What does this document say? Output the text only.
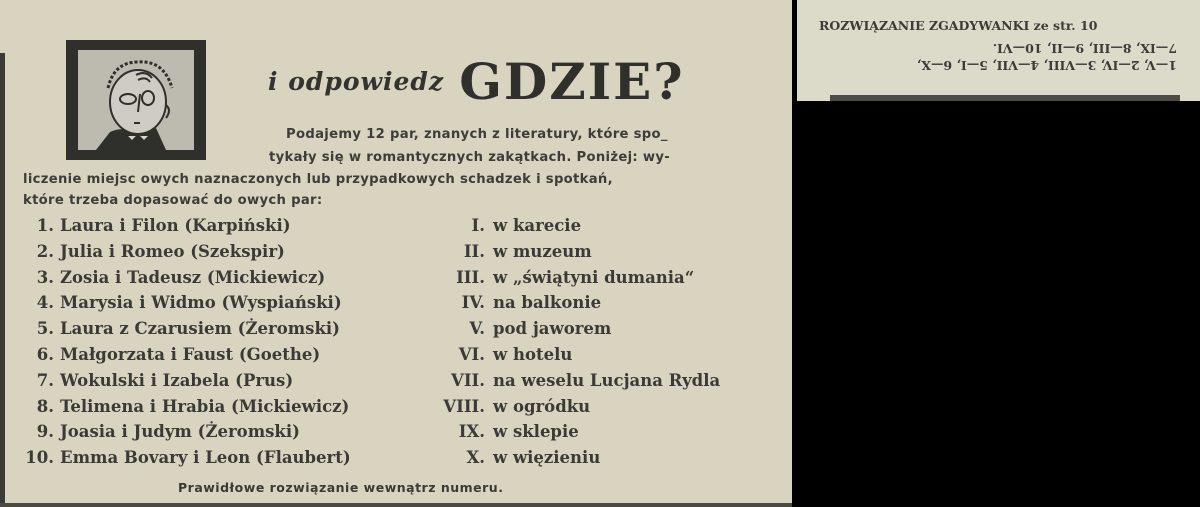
i odpowiedz GDZIE?
Podajemy 12 par, znanych z literatury, które spo_
tykały się w romantycznych zakątkach. Poniżej: wy-
liczenie miejsc owych naznaczonych lub przypadkowych schadzek i spotkań,
które trzeba dopasować do owych par:
1. Laura i Filon (Karpiński)
2. Julia i Romeo (Szekspir)
3. Zosia i Tadeusz (Mickiewicz)
4. Marysia i Widmo (Wyspiański)
5. Laura z Czarusiem (Żeromski)
6. Małgorzata i Faust (Goethe)
7. Wokulski i Izabela (Prus)
8. Telimena i Hrabia (Mickiewicz)
9. Joasia i Judym (Żeromski)
10. Emma Bovary i Leon (Flaubert)
I. w karecie
II. w muzeum
III. w „świątyni dumania“
IV. na balkonie
V. pod jaworem
VI. w hotelu
VII. na weselu Lucjana Rydla
VIII. w ogródku
IX. w sklepie
X. w więzieniu
Prawidłowe rozwiązanie wewnątrz numeru.
ROZWIĄZANIE ZGADYWANKI ze str. 10
1—V, 2—IV, 3—VIII, 4—VII, 5—I, 6—X,
7—IX, 8—III, 9—II, 10—VI.
